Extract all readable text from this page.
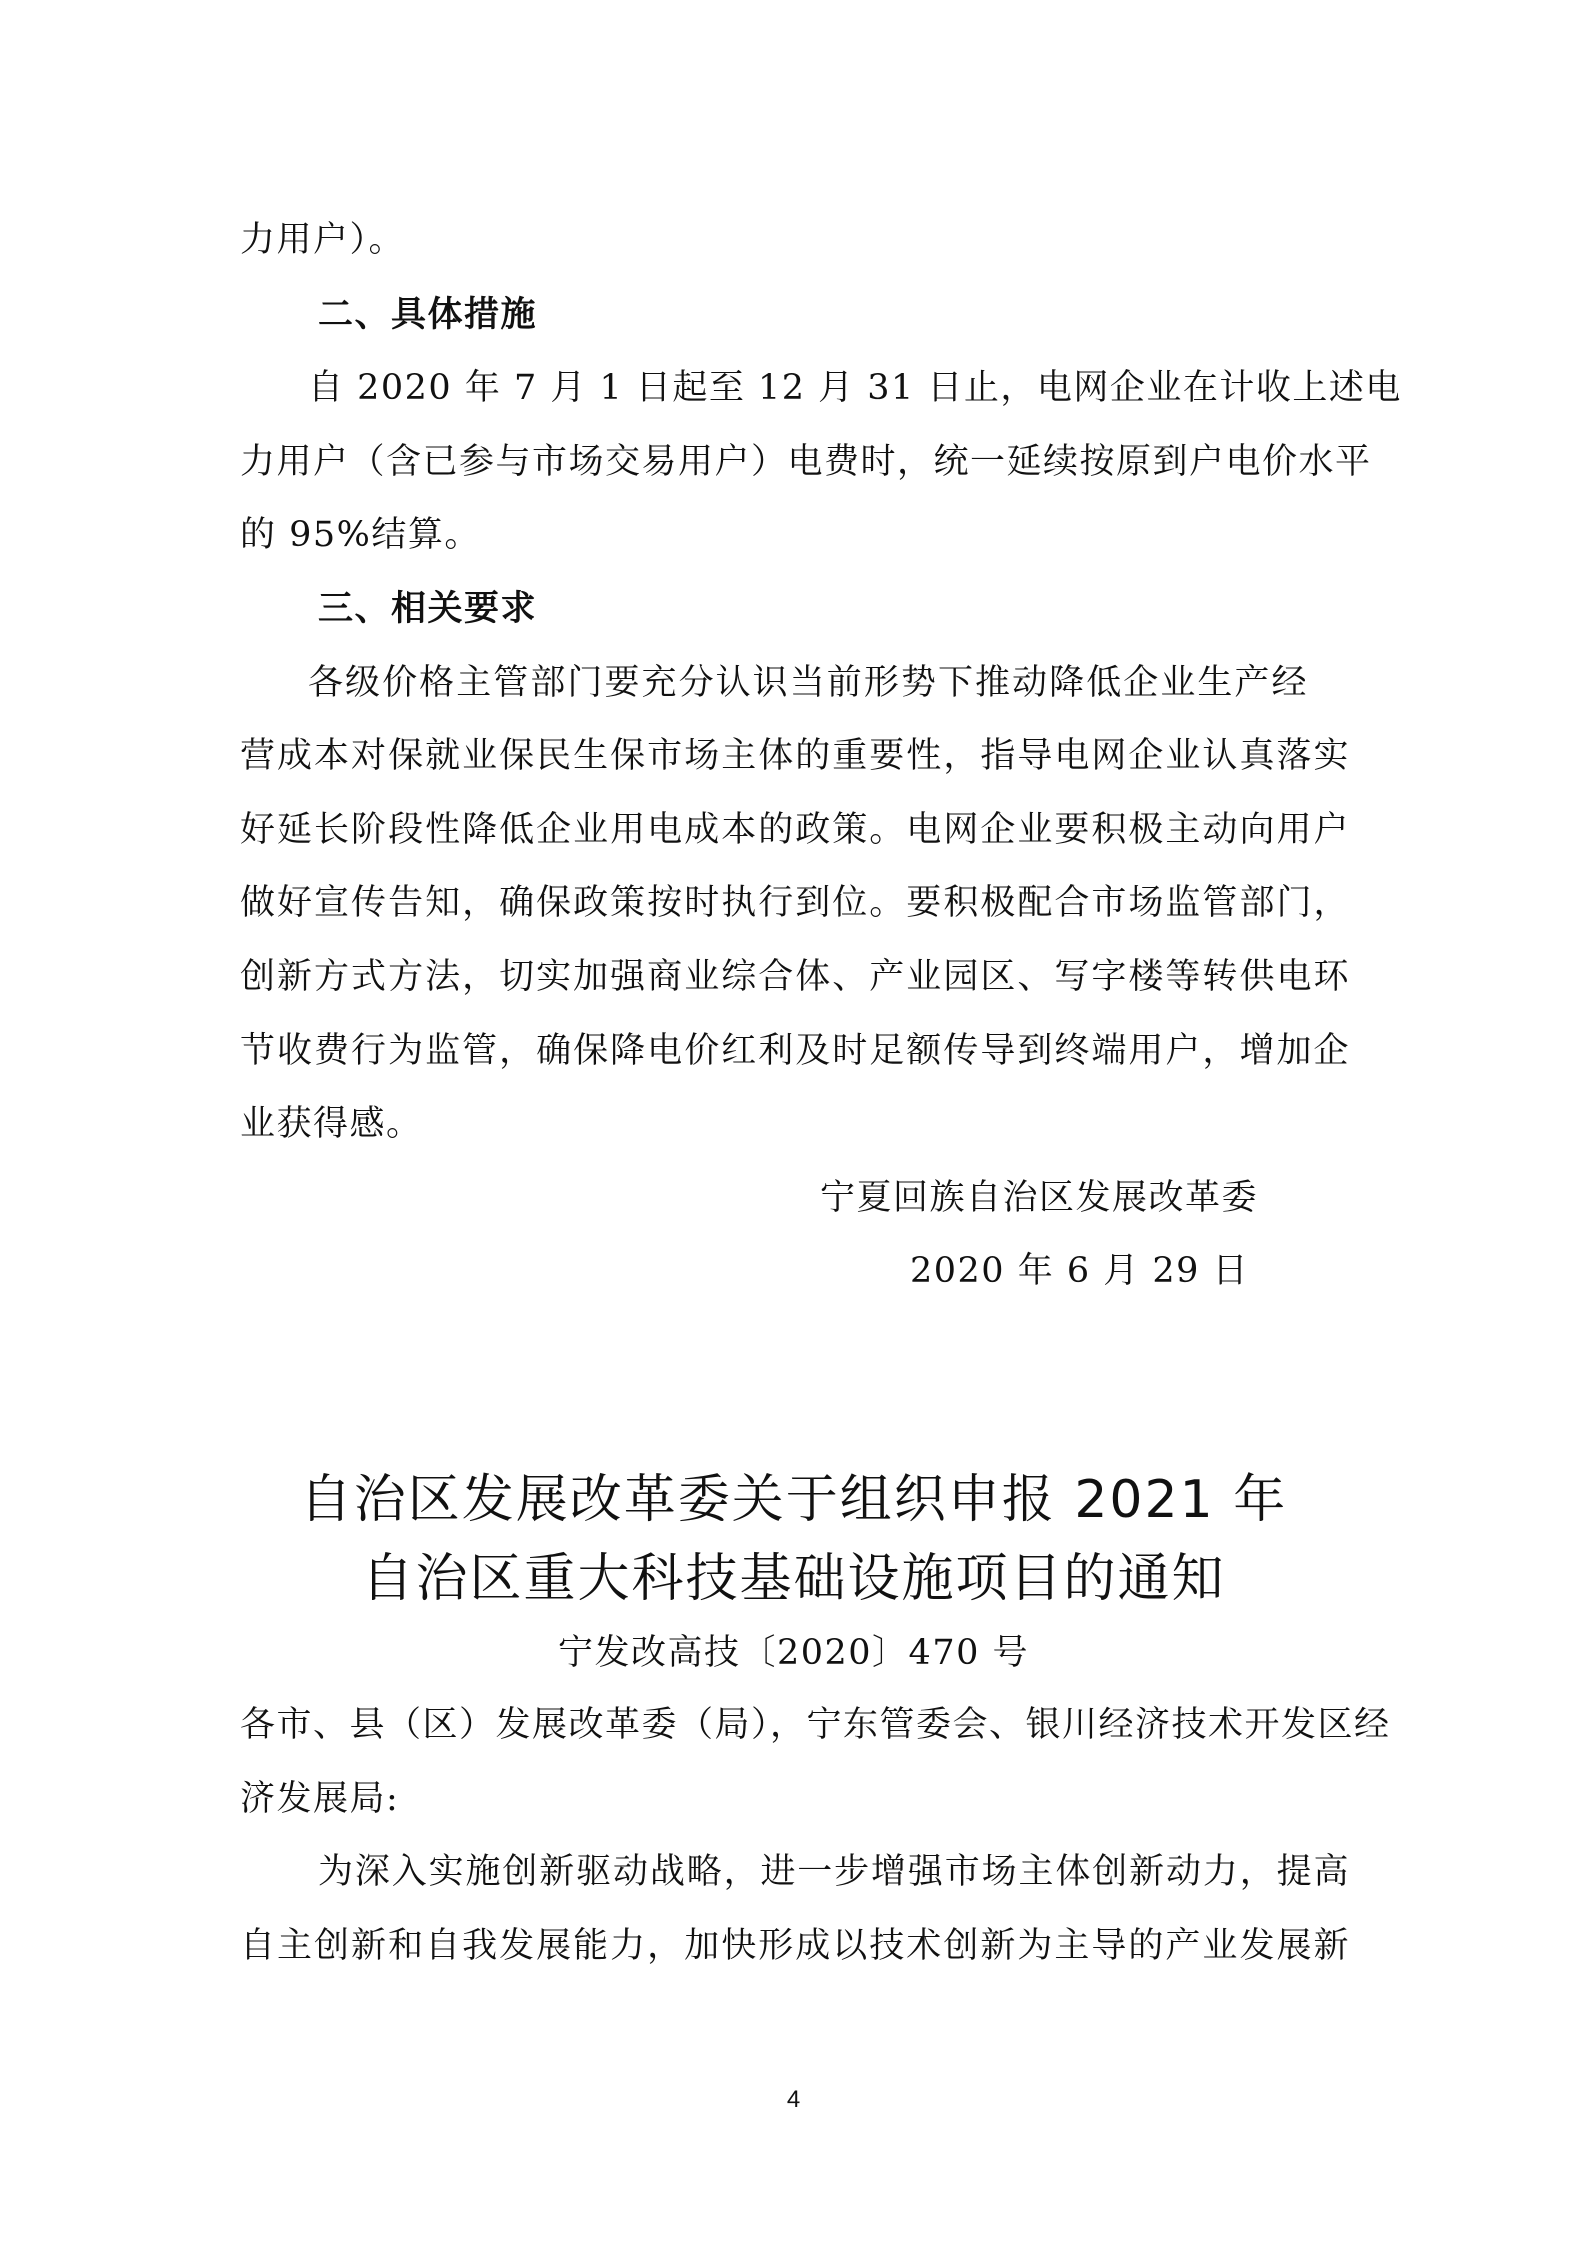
力用户）。

二、具体措施

自 2020 年 7 月 1 日起至 12 月 31 日止，电网企业在计收上述电

力用户（含已参与市场交易用户）电费时，统一延续按原到户电价水平

的 95%结算。

三、相关要求

各级价格主管部门要充分认识当前形势下推动降低企业生产经

营成本对保就业保民生保市场主体的重要性，指导电网企业认真落实

好延长阶段性降低企业用电成本的政策。电网企业要积极主动向用户

做好宣传告知，确保政策按时执行到位。要积极配合市场监管部门，

创新方式方法，切实加强商业综合体、产业园区、写字楼等转供电环

节收费行为监管，确保降电价红利及时足额传导到终端用户，增加企

业获得感。

宁夏回族自治区发展改革委

2020 年 6 月 29 日

自治区发展改革委关于组织申报 2021 年
自治区重大科技基础设施项目的通知

宁发改高技〔2020〕470 号

各市、县（区）发展改革委（局），宁东管委会、银川经济技术开发区经

济发展局:

为深入实施创新驱动战略，进一步增强市场主体创新动力，提高

自主创新和自我发展能力，加快形成以技术创新为主导的产业发展新

4
